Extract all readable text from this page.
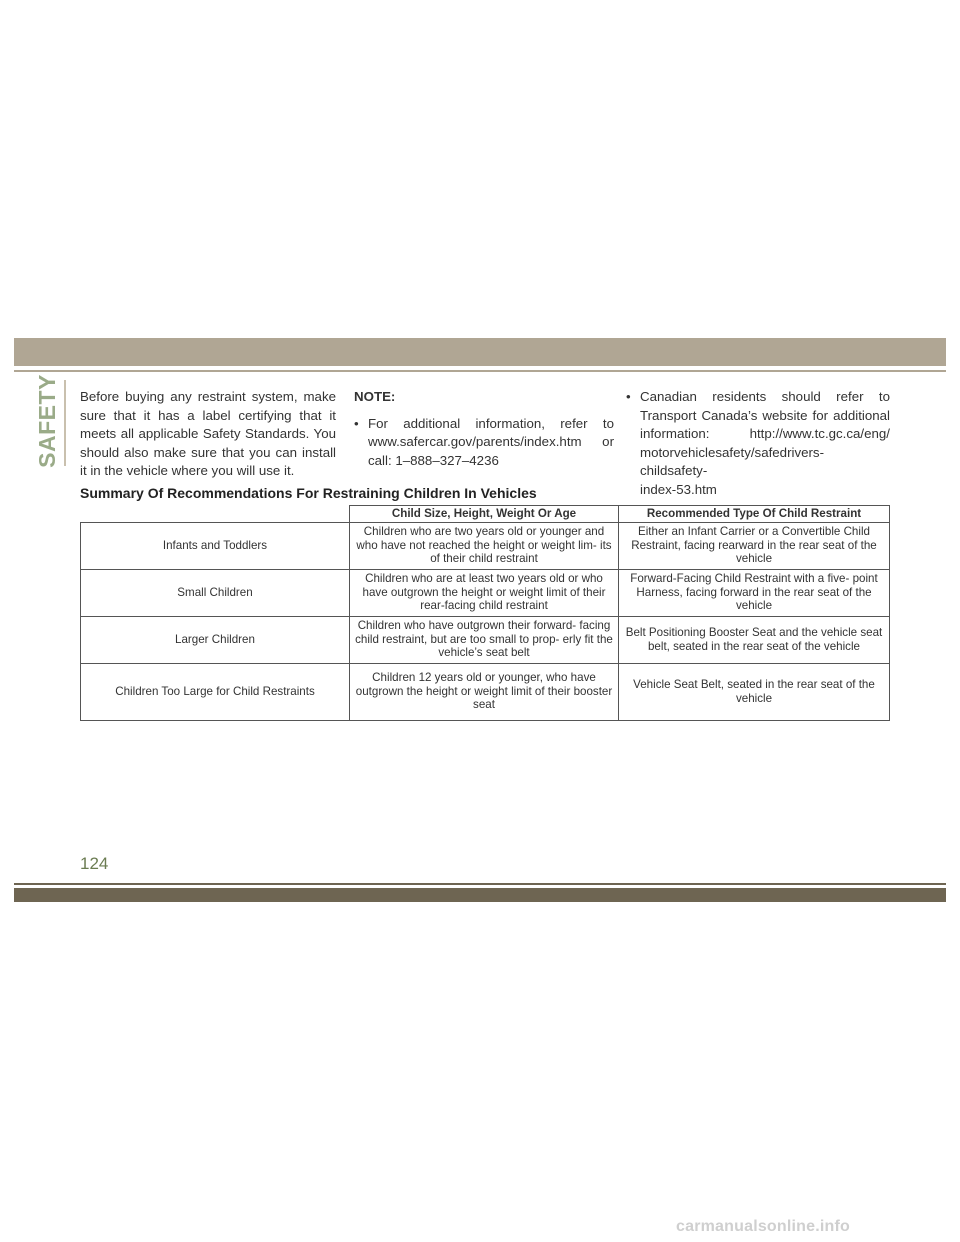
SAFETY	Before buying any restraint system, make sure that it has a label certifying that it meets all applicable Safety Standards. You should also make sure that you can install it in the vehicle where you will use it.
NOTE:
• For additional information, refer to www.safercar.gov/parents/index.htm or
call: 1–888–327–4236
• Canadian residents should refer to Transport Canada’s website for additional information: http://www.tc.gc.ca/eng/ motorvehiclesafety/safedrivers-childsafety-
index-53.htm
Summary Of Recommendations For Restraining Children In Vehicles
	Child Size, Height, Weight Or Age	Recommended Type Of Child Restraint
Infants and Toddlers	Children who are two years old or younger and who have not reached the height or weight lim- its of their child restraint	Either an Infant Carrier or a Convertible Child Restraint, facing rearward in the rear seat of the vehicle
Small Children	Children who are at least two years old or who have outgrown the height or weight limit of their rear-facing child restraint	Forward-Facing Child Restraint with a five- point Harness, facing forward in the rear seat of the vehicle
Larger Children	Children who have outgrown their forward- facing child restraint, but are too small to prop- erly fit the vehicle’s seat belt	Belt Positioning Booster Seat and the vehicle seat belt, seated in the rear seat of the vehicle
Children Too Large for Child Restraints	Children 12 years old or younger, who have outgrown the height or weight limit of their booster seat	Vehicle Seat Belt, seated in the rear seat of the vehicle
124
carmanualsonline.info
